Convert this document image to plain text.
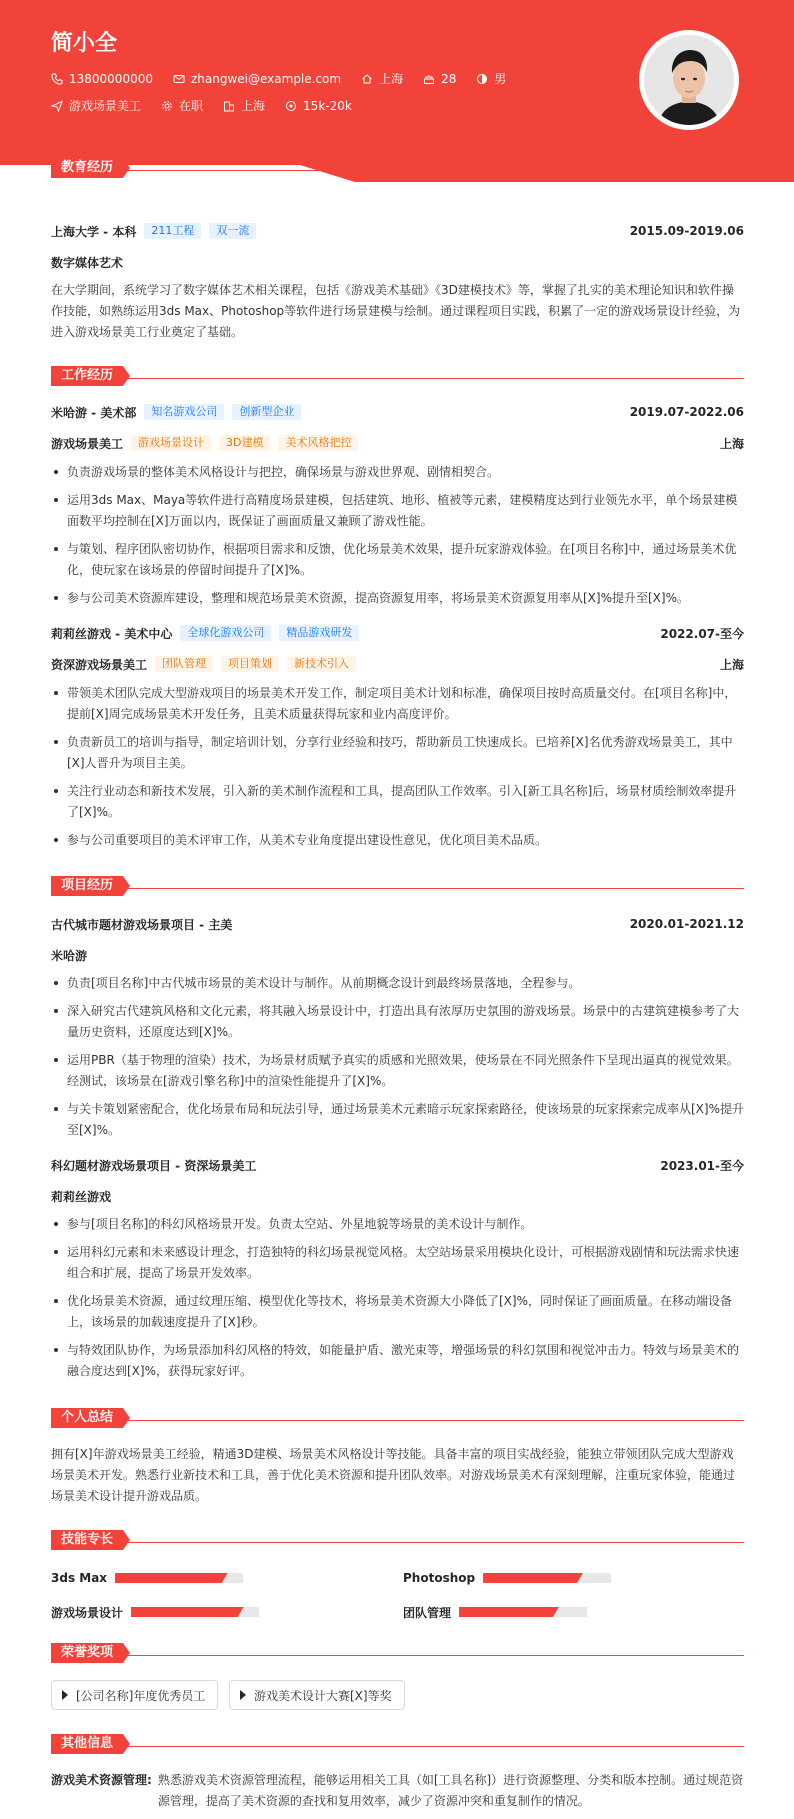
简小全
13800000000	zhangwei@example.com	上海	28	男
游戏场景美工	在职	上海	15k-20k
教育经历
上海大学 - 本科	211工程	双一流	2015.09-2019.06
数字媒体艺术

在大学期间，系统学习了数字媒体艺术相关课程，包括《游戏美术基础》《3D建模技术》等，掌握了扎实的美术理论知识和软件操作技能，如熟练运用3ds Max、Photoshop等软件进行场景建模与绘制。通过课程项目实践，积累了一定的游戏场景设计经验，为进入游戏场景美工行业奠定了基础。

工作经历
米哈游 - 美术部	知名游戏公司	创新型企业	2019.07-2022.06
游戏场景美工	游戏场景设计	3D建模	美术风格把控	上海
负责游戏场景的整体美术风格设计与把控，确保场景与游戏世界观、剧情相契合。
运用3ds Max、Maya等软件进行高精度场景建模，包括建筑、地形、植被等元素，建模精度达到行业领先水平，单个场景建模面数平均控制在[X]万面以内，既保证了画面质量又兼顾了游戏性能。
与策划、程序团队密切协作，根据项目需求和反馈，优化场景美术效果，提升玩家游戏体验。在[项目名称]中，通过场景美术优化，使玩家在该场景的停留时间提升了[X]%。
参与公司美术资源库建设，整理和规范场景美术资源，提高资源复用率，将场景美术资源复用率从[X]%提升至[X]%。
莉莉丝游戏 - 美术中心	全球化游戏公司	精品游戏研发	2022.07-至今
资深游戏场景美工	团队管理	项目策划	新技术引入	上海
带领美术团队完成大型游戏项目的场景美术开发工作，制定项目美术计划和标准，确保项目按时高质量交付。在[项目名称]中，提前[X]周完成场景美术开发任务，且美术质量获得玩家和业内高度评价。
负责新员工的培训与指导，制定培训计划，分享行业经验和技巧，帮助新员工快速成长。已培养[X]名优秀游戏场景美工，其中[X]人晋升为项目主美。
关注行业动态和新技术发展，引入新的美术制作流程和工具，提高团队工作效率。引入[新工具名称]后，场景材质绘制效率提升了[X]%。
参与公司重要项目的美术评审工作，从美术专业角度提出建设性意见，优化项目美术品质。
项目经历
古代城市题材游戏场景项目 - 主美	2020.01-2021.12
米哈游
负责[项目名称]中古代城市场景的美术设计与制作。从前期概念设计到最终场景落地，全程参与。
深入研究古代建筑风格和文化元素，将其融入场景设计中，打造出具有浓厚历史氛围的游戏场景。场景中的古建筑建模参考了大量历史资料，还原度达到[X]%。
运用PBR（基于物理的渲染）技术，为场景材质赋予真实的质感和光照效果，使场景在不同光照条件下呈现出逼真的视觉效果。经测试，该场景在[游戏引擎名称]中的渲染性能提升了[X]%。
与关卡策划紧密配合，优化场景布局和玩法引导，通过场景美术元素暗示玩家探索路径，使该场景的玩家探索完成率从[X]%提升至[X]%。
科幻题材游戏场景项目 - 资深场景美工	2023.01-至今
莉莉丝游戏
参与[项目名称]的科幻风格场景开发。负责太空站、外星地貌等场景的美术设计与制作。
运用科幻元素和未来感设计理念，打造独特的科幻场景视觉风格。太空站场景采用模块化设计，可根据游戏剧情和玩法需求快速组合和扩展，提高了场景开发效率。
优化场景美术资源，通过纹理压缩、模型优化等技术，将场景美术资源大小降低了[X]%，同时保证了画面质量。在移动端设备上，该场景的加载速度提升了[X]秒。
与特效团队协作，为场景添加科幻风格的特效，如能量护盾、激光束等，增强场景的科幻氛围和视觉冲击力。特效与场景美术的融合度达到[X]%，获得玩家好评。
个人总结

拥有[X]年游戏场景美工经验，精通3D建模、场景美术风格设计等技能。具备丰富的项目实战经验，能独立带领团队完成大型游戏场景美术开发。熟悉行业新技术和工具，善于优化美术资源和提升团队效率。对游戏场景美术有深刻理解，注重玩家体验，能通过场景美术设计提升游戏品质。

技能专长
3ds Max	Photoshop
游戏场景设计	团队管理
荣誉奖项
[公司名称]年度优秀员工	游戏美术设计大赛[X]等奖
其他信息
游戏美术资源管理: 熟悉游戏美术资源管理流程，能够运用相关工具（如[工具名称]）进行资源整理、分类和版本控制。通过规范资源管理，提高了美术资源的查找和复用效率，减少了资源冲突和重复制作的情况。
